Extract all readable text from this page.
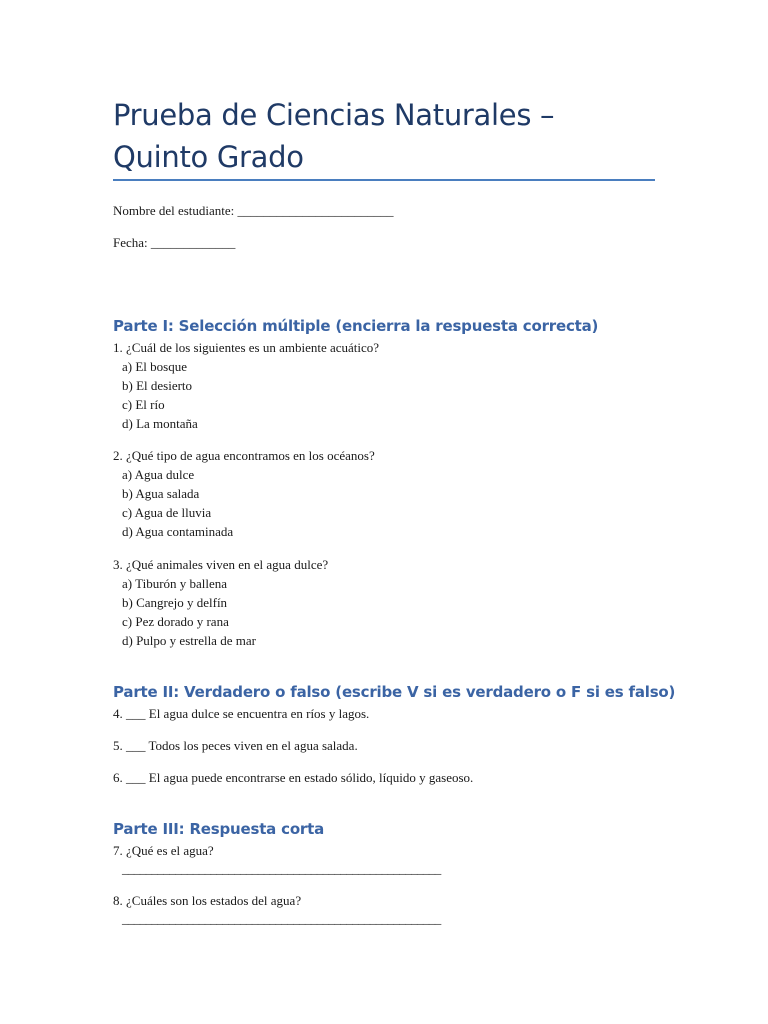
Prueba de Ciencias Naturales – Quinto Grado
Nombre del estudiante: ________________________
Fecha: _____________
Parte I: Selección múltiple (encierra la respuesta correcta)
1. ¿Cuál de los siguientes es un ambiente acuático?
a) El bosque
b) El desierto
c) El río
d) La montaña
2. ¿Qué tipo de agua encontramos en los océanos?
a) Agua dulce
b) Agua salada
c) Agua de lluvia
d) Agua contaminada
3. ¿Qué animales viven en el agua dulce?
a) Tiburón y ballena
b) Cangrejo y delfín
c) Pez dorado y rana
d) Pulpo y estrella de mar
Parte II: Verdadero o falso (escribe V si es verdadero o F si es falso)
4. ___ El agua dulce se encuentra en ríos y lagos.
5. ___ Todos los peces viven en el agua salada.
6. ___ El agua puede encontrarse en estado sólido, líquido y gaseoso.
Parte III: Respuesta corta
7. ¿Qué es el agua?
______________________________________________________
8. ¿Cuáles son los estados del agua?
______________________________________________________
